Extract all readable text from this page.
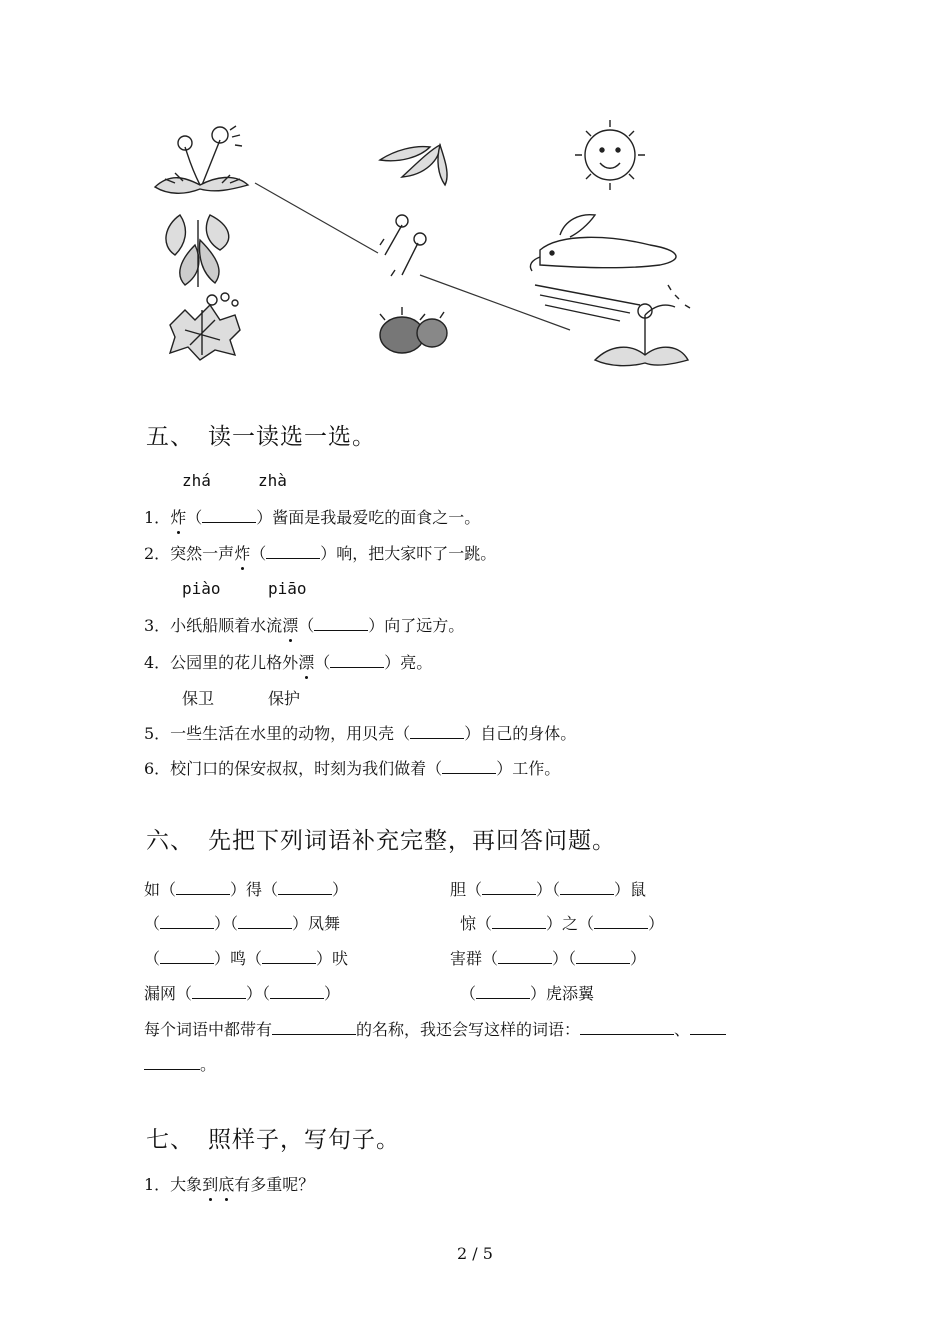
五、 读一读选一选。
zhá	zhà
1．炸（	）酱面是我最爱吃的面食之一。
2．突然一声炸（	）响，把大家吓了一跳。
piào	piāo
3．小纸船顺着水流漂（	）向了远方。
4．公园里的花儿格外漂（	）亮。
保卫	保护
5．一些生活在水里的动物，用贝壳（	）自己的身体。
6．校门口的保安叔叔，时刻为我们做着（	）工作。
六、 先把下列词语补充完整，再回答问题。
如（	）得（	）	胆（	）（	）鼠
（	）（	）凤舞	惊（	）之（	）
（	）鸣（	）吠	害群（	）（	）
漏网（	）（	）	（	）虎添翼
每个词语中都带有	的名称，我还会写这样的词语：	、
。
七、 照样子，写句子。
1．大象到底有多重呢？
2 / 5
